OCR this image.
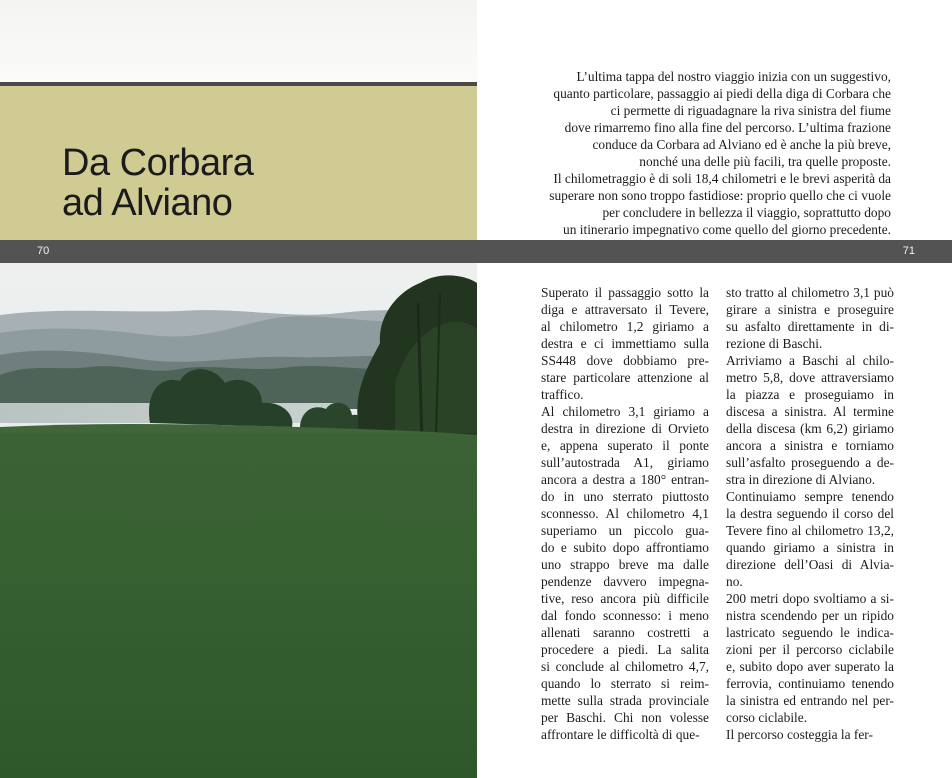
Da Corbara
ad Alviano
70	71
L’ultima tappa del nostro viaggio inizia con un suggestivo,
quanto particolare, passaggio ai piedi della diga di Corbara che
ci permette di riguadagnare la riva sinistra del fiume
dove rimarremo fino alla fine del percorso. L’ultima frazione
conduce da Corbara ad Alviano ed è anche la più breve,
nonché una delle più facili, tra quelle proposte.
Il chilometraggio è di soli 18,4 chilometri e le brevi asperità da
superare non sono troppo fastidiose: proprio quello che ci vuole
per concludere in bellezza il viaggio, soprattutto dopo
un itinerario impegnativo come quello del giorno precedente.
Superato il passaggio sotto la
diga e attraversato il Tevere,
al chilometro 1,2 giriamo a
destra e ci immettiamo sulla
SS448 dove dobbiamo pre-
stare particolare attenzione al
traffico.
Al chilometro 3,1 giriamo a
destra in direzione di Orvieto
e, appena superato il ponte
sull’autostrada A1, giriamo
ancora a destra a 180° entran-
do in uno sterrato piuttosto
sconnesso. Al chilometro 4,1
superiamo un piccolo gua-
do e subito dopo affrontiamo
uno strappo breve ma dalle
pendenze davvero impegna-
tive, reso ancora più difficile
dal fondo sconnesso: i meno
allenati saranno costretti a
procedere a piedi. La salita
si conclude al chilometro 4,7,
quando lo sterrato si reim-
mette sulla strada provinciale
per Baschi. Chi non volesse
affrontare le difficoltà di que-
sto tratto al chilometro 3,1 può
girare a sinistra e proseguire
su asfalto direttamente in di-
rezione di Baschi.
Arriviamo a Baschi al chilo-
metro 5,8, dove attraversiamo
la piazza e proseguiamo in
discesa a sinistra. Al termine
della discesa (km 6,2) giriamo
ancora a sinistra e torniamo
sull’asfalto proseguendo a de-
stra in direzione di Alviano.
Continuiamo sempre tenendo
la destra seguendo il corso del
Tevere fino al chilometro 13,2,
quando giriamo a sinistra in
direzione dell’Oasi di Alvia-
no.
200 metri dopo svoltiamo a si-
nistra scendendo per un ripido
lastricato seguendo le indica-
zioni per il percorso ciclabile
e, subito dopo aver superato la
ferrovia, continuiamo tenendo
la sinistra ed entrando nel per-
corso ciclabile.
Il percorso costeggia la fer-
